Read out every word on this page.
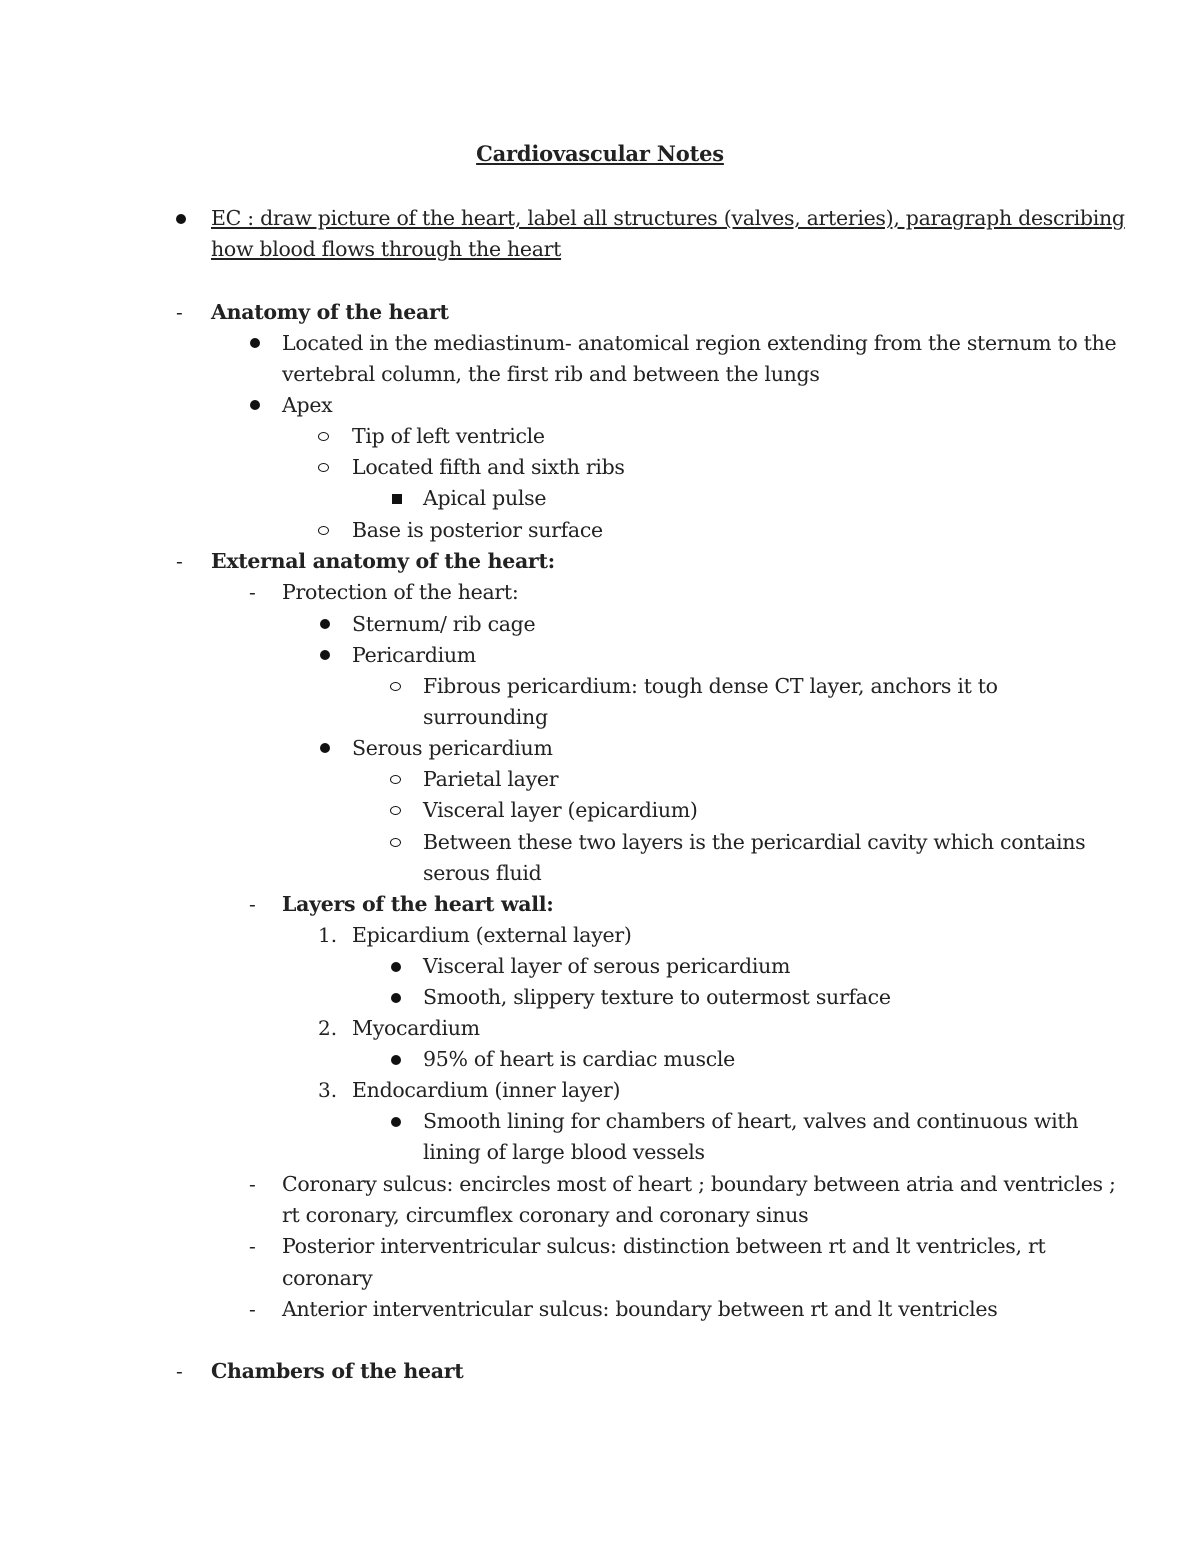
Cardiovascular Notes
EC : draw picture of the heart, label all structures (valves, arteries), paragraph describing
how blood flows through the heart
- Anatomy of the heart
Located in the mediastinum- anatomical region extending from the sternum to the
vertebral column, the first rib and between the lungs
Apex
Tip of left ventricle
Located fifth and sixth ribs
Apical pulse
Base is posterior surface
- External anatomy of the heart:
- Protection of the heart:
Sternum/ rib cage
Pericardium
Fibrous pericardium: tough dense CT layer, anchors it to
surrounding
Serous pericardium
Parietal layer
Visceral layer (epicardium)
Between these two layers is the pericardial cavity which contains
serous fluid
- Layers of the heart wall:
1. Epicardium (external layer)
Visceral layer of serous pericardium
Smooth, slippery texture to outermost surface
2. Myocardium
95% of heart is cardiac muscle
3. Endocardium (inner layer)
Smooth lining for chambers of heart, valves and continuous with
lining of large blood vessels
- Coronary sulcus: encircles most of heart ; boundary between atria and ventricles ;
rt coronary, circumflex coronary and coronary sinus
- Posterior interventricular sulcus: distinction between rt and lt ventricles, rt
coronary
- Anterior interventricular sulcus: boundary between rt and lt ventricles
- Chambers of the heart
